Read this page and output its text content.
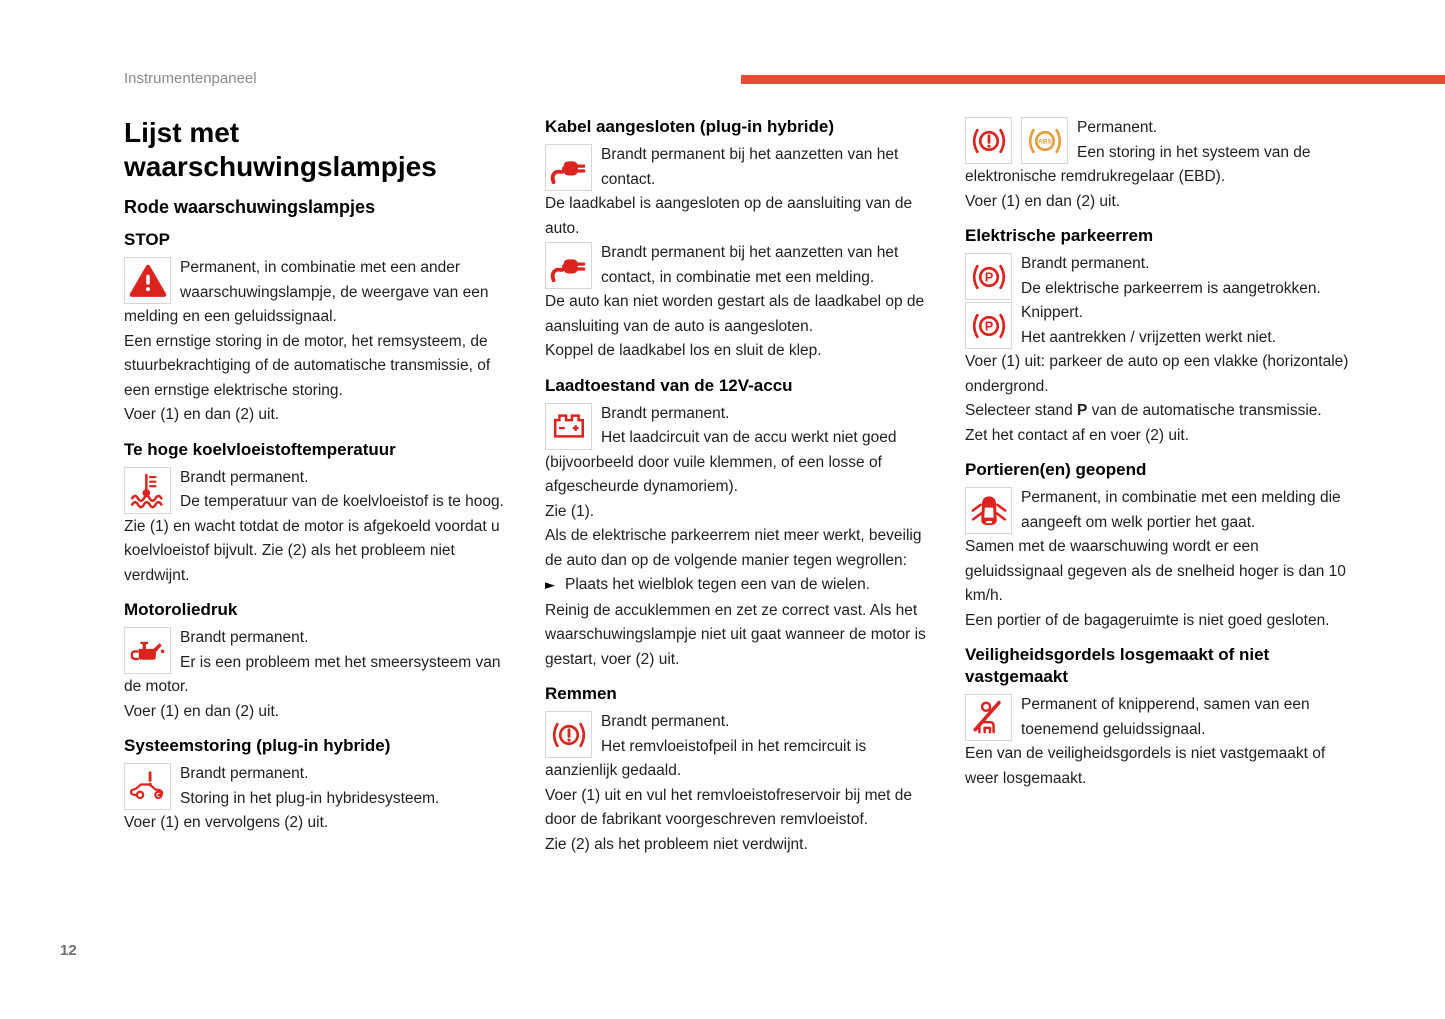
Instrumentenpaneel
Lijst met waarschuwingslampjes
Rode waarschuwingslampjes
STOP

Permanent, in combinatie met een ander waarschuwingslampje, de weergave van een melding en een geluidssignaal.

Een ernstige storing in de motor, het remsysteem, de stuurbekrachtiging of de automatische transmissie, of een ernstige elektrische storing.

Voer (1) en dan (2) uit.

Te hoge koelvloeistoftemperatuur

Brandt permanent.

De temperatuur van de koelvloeistof is te hoog.

Zie (1) en wacht totdat de motor is afgekoeld voordat u koelvloeistof bijvult. Zie (2) als het probleem niet verdwijnt.

Motoroliedruk

Brandt permanent.

Er is een probleem met het smeersysteem van de motor.

Voer (1) en dan (2) uit.

Systeemstoring (plug-in hybride)

Brandt permanent.

Storing in het plug-in hybridesysteem.

Voer (1) en vervolgens (2) uit.

Kabel aangesloten (plug-in hybride)

Brandt permanent bij het aanzetten van het contact.

De laadkabel is aangesloten op de aansluiting van de auto.

Brandt permanent bij het aanzetten van het contact, in combinatie met een melding.

De auto kan niet worden gestart als de laadkabel op de aansluiting van de auto is aangesloten.

Koppel de laadkabel los en sluit de klep.

Laadtoestand van de 12V-accu

Brandt permanent.

Het laadcircuit van de accu werkt niet goed (bijvoorbeeld door vuile klemmen, of een losse of afgescheurde dynamoriem).

Zie (1).

Als de elektrische parkeerrem niet meer werkt, beveilig de auto dan op de volgende manier tegen wegrollen:

► Plaats het wielblok tegen een van de wielen.

Reinig de accuklemmen en zet ze correct vast. Als het waarschuwingslampje niet uit gaat wanneer de motor is gestart, voer (2) uit.

Remmen

Brandt permanent.

Het remvloeistofpeil in het remcircuit is aanzienlijk gedaald.

Voer (1) uit en vul het remvloeistofreservoir bij met de door de fabrikant voorgeschreven remvloeistof.

Zie (2) als het probleem niet verdwijnt.

ABS

Permanent.

Een storing in het systeem van de elektronische remdrukregelaar (EBD).

Voer (1) en dan (2) uit.

Elektrische parkeerrem
P

Brandt permanent.

De elektrische parkeerrem is aangetrokken.

P

Knippert.

Het aantrekken / vrijzetten werkt niet.

Voer (1) uit: parkeer de auto op een vlakke (horizontale) ondergrond.

Selecteer stand P van de automatische transmissie.

Zet het contact af en voer (2) uit.

Portieren(en) geopend

Permanent, in combinatie met een melding die aangeeft om welk portier het gaat.

Samen met de waarschuwing wordt er een geluidssignaal gegeven als de snelheid hoger is dan 10 km/h.

Een portier of de bagageruimte is niet goed gesloten.

Veiligheidsgordels losgemaakt of niet vastgemaakt

Permanent of knipperend, samen van een toenemend geluidssignaal.

Een van de veiligheidsgordels is niet vastgemaakt of weer losgemaakt.

12
